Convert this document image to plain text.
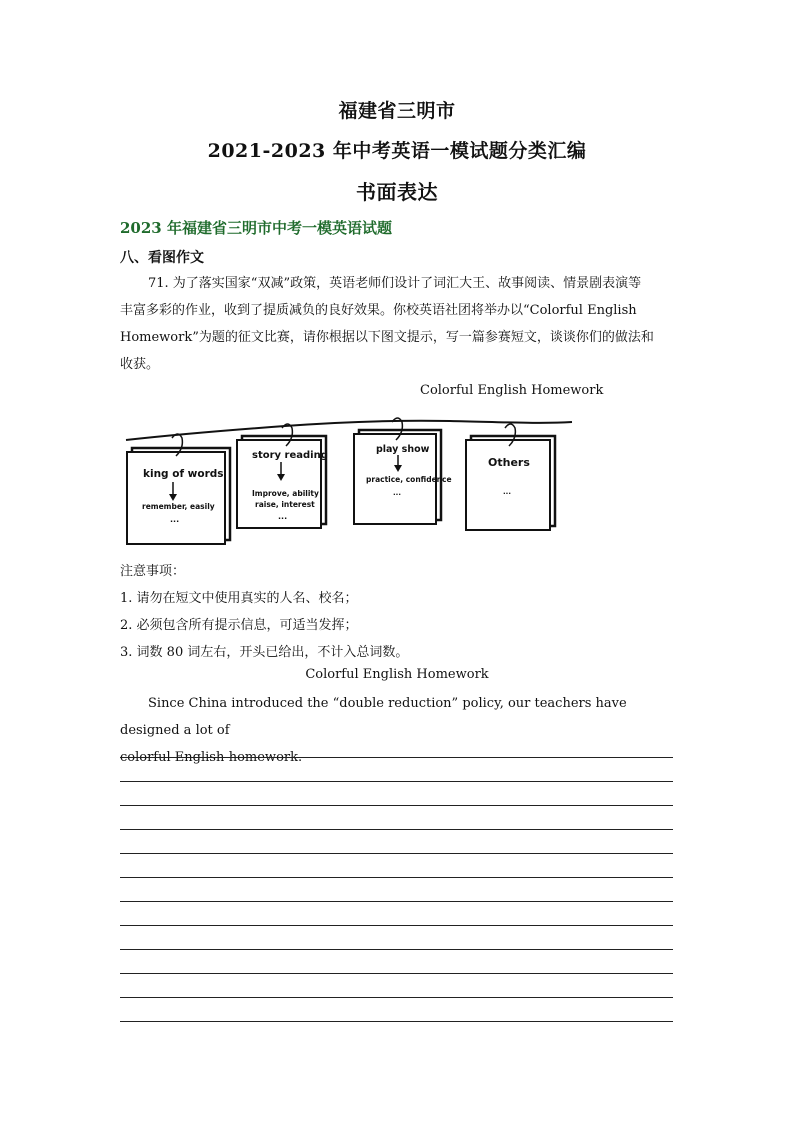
福建省三明市
2021-2023 年中考英语一模试题分类汇编
书面表达
2023 年福建省三明市中考一模英语试题
八、看图作文

71. 为了落实国家“双减”政策，英语老师们设计了词汇大王、故事阅读、情景剧表演等

丰富多彩的作业，收到了提质减负的良好效果。你校英语社团将举办以“Colorful English
Homework”为题的征文比赛，请你根据以下图文提示，写一篇参赛短文，谈谈你们的做法和
收获。
Colorful English Homework
king of words
remember, easily
...
story reading
Improve, ability
raise, interest
...
play show
practice, confidence
...
Others
...
注意事项：
1. 请勿在短文中使用真实的人名、校名；
2. 必须包含所有提示信息，可适当发挥；
3. 词数 80 词左右，开头已给出，不计入总词数。
Colorful English Homework

Since China introduced the “double reduction” policy, our teachers have designed a lot of

colorful English-homework.
